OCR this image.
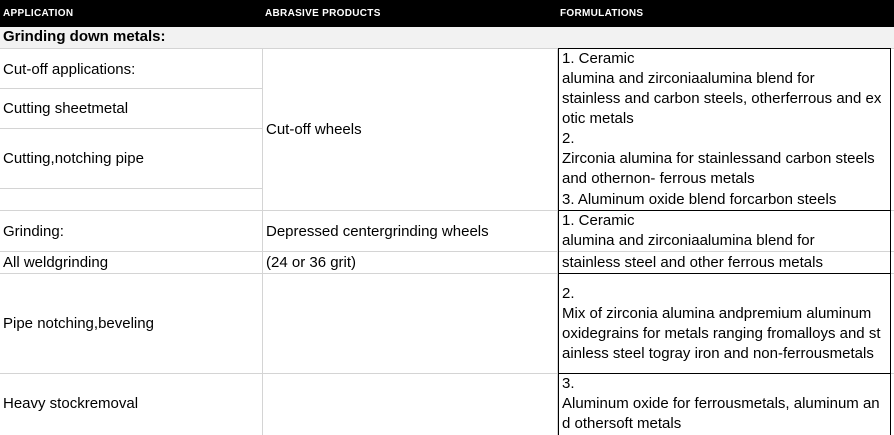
APPLICATION	ABRASIVE PRODUCTS	FORMULATIONS
Grinding down metals:
Cut-off applications:
Cutting sheetmetal
Cutting,notching pipe
Cut-off wheels
1. Ceramic
alumina and zirconiaalumina blend for
stainless and carbon steels, otherferrous and ex
otic metals
2.
Zirconia alumina for stainlessand carbon steels
and othernon- ferrous metals
3. Aluminum oxide blend forcarbon steels
Grinding:
All weldgrinding
Pipe notching,beveling
Heavy stockremoval
Depressed centergrinding wheels
(24 or 36 grit)
1. Ceramic
alumina and zirconiaalumina blend for
stainless steel and other ferrous metals
2.
Mix of zirconia alumina andpremium aluminum
oxidegrains for metals ranging fromalloys and st
ainless steel togray iron and non-ferrousmetals
3.
Aluminum oxide for ferrousmetals, aluminum an
d othersoft metals
